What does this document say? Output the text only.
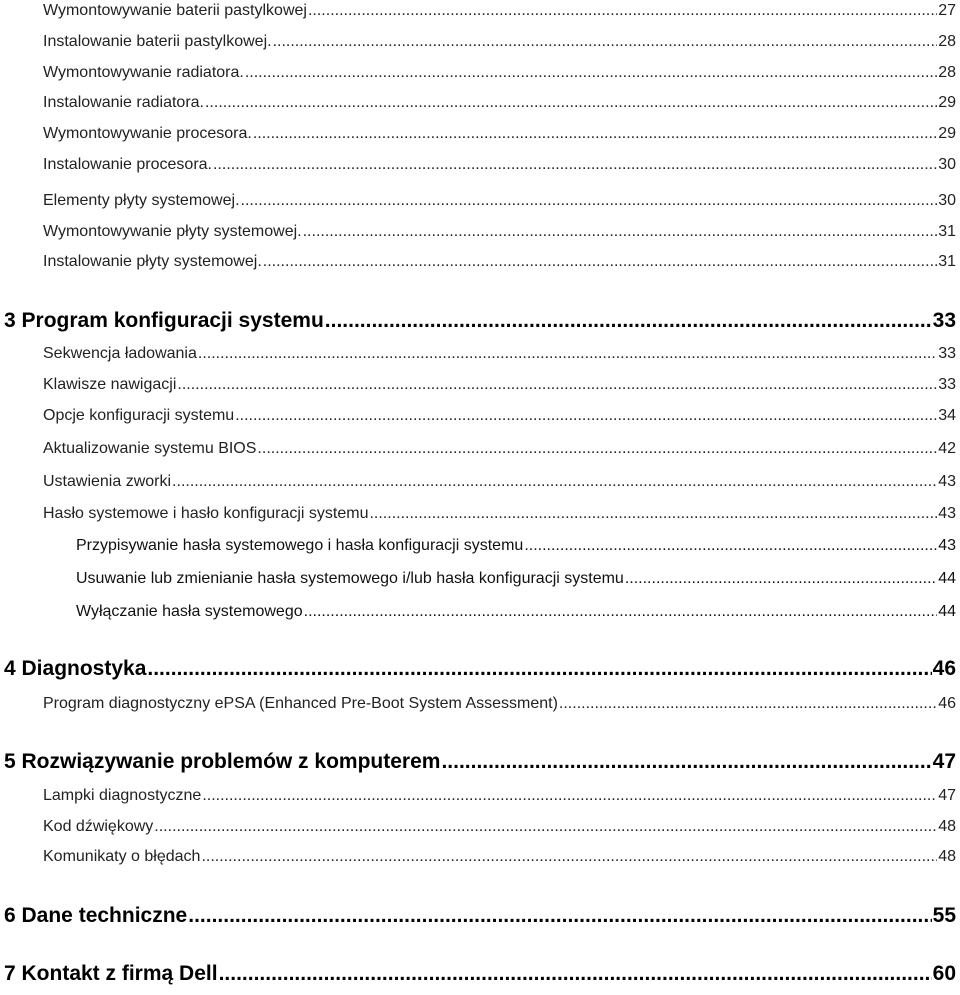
Wymontowywanie baterii pastylkowej .....	27
Instalowanie baterii pastylkowej. .....	28
Wymontowywanie radiatora. .....	28
Instalowanie radiatora. .....	29
Wymontowywanie procesora. .....	29
Instalowanie procesora. .....	30
Elementy płyty systemowej. .....	30
Wymontowywanie płyty systemowej. .....	31
Instalowanie płyty systemowej. .....	31
3 Program konfiguracji systemu .....	33
Sekwencja ładowania .....	33
Klawisze nawigacji .....	33
Opcje konfiguracji systemu .....	34
Aktualizowanie systemu BIOS .....	42
Ustawienia zworki .....	43
Hasło systemowe i hasło konfiguracji systemu .....	43
Przypisywanie hasła systemowego i hasła konfiguracji systemu .....	43
Usuwanie lub zmienianie hasła systemowego i/lub hasła konfiguracji systemu .....	44
Wyłączanie hasła systemowego .....	44
4 Diagnostyka .....	46
Program diagnostyczny ePSA (Enhanced Pre-Boot System Assessment) .....	46
5 Rozwiązywanie problemów z komputerem .....	47
Lampki diagnostyczne .....	47
Kod dźwiękowy .....	48
Komunikaty o błędach .....	48
6 Dane techniczne .....	55
7 Kontakt z firmą Dell .....	60
